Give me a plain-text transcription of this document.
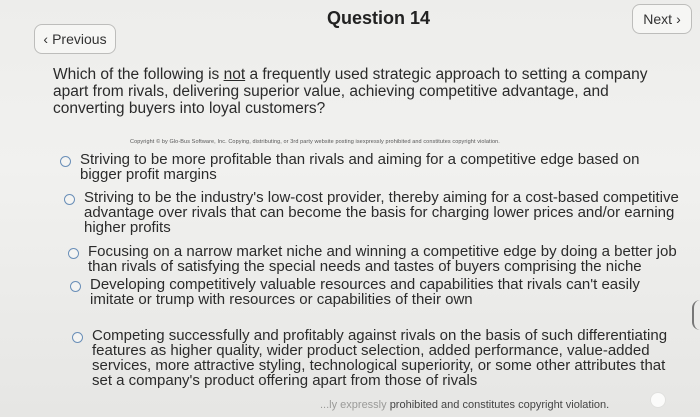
Question 14
‹ Previous
Next ›
Which of the following is not a frequently used strategic approach to setting a company apart from rivals, delivering superior value, achieving competitive advantage, and converting buyers into loyal customers?
Copyright © by Glo-Bus Software, Inc. Copying, distributing, or 3rd party website posting isexpressly prohibited and constitutes copyright violation.
Striving to be more profitable than rivals and aiming for a competitive edge based on bigger profit margins
Striving to be the industry's low-cost provider, thereby aiming for a cost-based competitive advantage over rivals that can become the basis for charging lower prices and/or earning higher profits
Focusing on a narrow market niche and winning a competitive edge by doing a better job than rivals of satisfying the special needs and tastes of buyers comprising the niche
Developing competitively valuable resources and capabilities that rivals can't easily imitate or trump with resources or capabilities of their own
Competing successfully and profitably against rivals on the basis of such differentiating features as higher quality, wider product selection, added performance, value-added services, more attractive styling, technological superiority, or some other attributes that set a company's product offering apart from those of rivals
...ly expressly prohibited and constitutes copyright violation.
